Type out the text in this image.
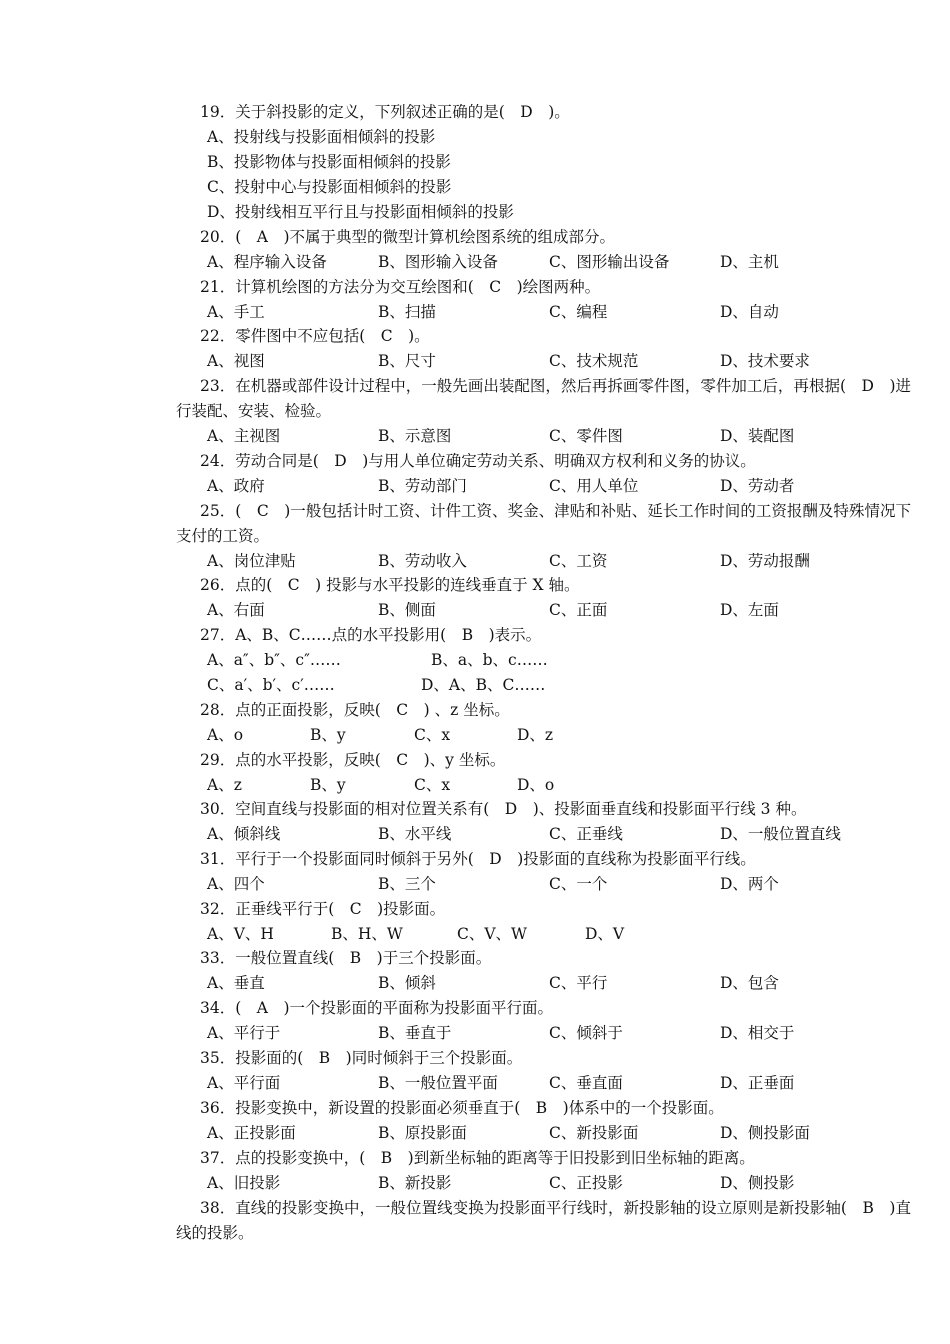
19．关于斜投影的定义，下列叙述正确的是(　D　)。
A、投射线与投影面相倾斜的投影
B、投影物体与投影面相倾斜的投影
C、投射中心与投影面相倾斜的投影
D、投射线相互平行且与投影面相倾斜的投影
20．(　A　)不属于典型的微型计算机绘图系统的组成部分。
A、程序输入设备	B、图形输入设备	C、图形输出设备	D、主机
21．计算机绘图的方法分为交互绘图和(　C　)绘图两种。
A、手工	B、扫描	C、编程	D、自动
22．零件图中不应包括(　C　)。
A、视图	B、尺寸	C、技术规范	D、技术要求
23．在机器或部件设计过程中，一般先画出装配图，然后再拆画零件图，零件加工后，再根据(　D　)进行装配、安装、检验。
A、主视图	B、示意图	C、零件图	D、装配图
24．劳动合同是(　D　)与用人单位确定劳动关系、明确双方权利和义务的协议。
A、政府	B、劳动部门	C、用人单位	D、劳动者
25．(　C　)一般包括计时工资、计件工资、奖金、津贴和补贴、延长工作时间的工资报酬及特殊情况下支付的工资。
A、岗位津贴	B、劳动收入	C、工资	D、劳动报酬
26．点的(　C　) 投影与水平投影的连线垂直于 X 轴。
A、右面	B、侧面	C、正面	D、左面
27．A、B、C……点的水平投影用(　B　)表示。
A、a″、b″、c″……	B、a、b、c……
C、a′、b′、c′……	D、A、B、C……
28．点的正面投影，反映(　C　) 、z 坐标。
A、o	B、y	C、x	D、z
29．点的水平投影，反映(　C　)、y 坐标。
A、z	B、y	C、x	D、o
30．空间直线与投影面的相对位置关系有(　D　)、投影面垂直线和投影面平行线 3 种。
A、倾斜线	B、水平线	C、正垂线	D、一般位置直线
31．平行于一个投影面同时倾斜于另外(　D　)投影面的直线称为投影面平行线。
A、四个	B、三个	C、一个	D、两个
32．正垂线平行于(　C　)投影面。
A、V、H	B、H、W	C、V、W	D、V
33．一般位置直线(　B　)于三个投影面。
A、垂直	B、倾斜	C、平行	D、包含
34．(　A　)一个投影面的平面称为投影面平行面。
A、平行于	B、垂直于	C、倾斜于	D、相交于
35．投影面的(　B　)同时倾斜于三个投影面。
A、平行面	B、一般位置平面	C、垂直面	D、正垂面
36．投影变换中，新设置的投影面必须垂直于(　B　)体系中的一个投影面。
A、正投影面	B、原投影面	C、新投影面	D、侧投影面
37．点的投影变换中，(　B　)到新坐标轴的距离等于旧投影到旧坐标轴的距离。
A、旧投影	B、新投影	C、正投影	D、侧投影
38．直线的投影变换中，一般位置线变换为投影面平行线时，新投影轴的设立原则是新投影轴(　B　)直线的投影。
